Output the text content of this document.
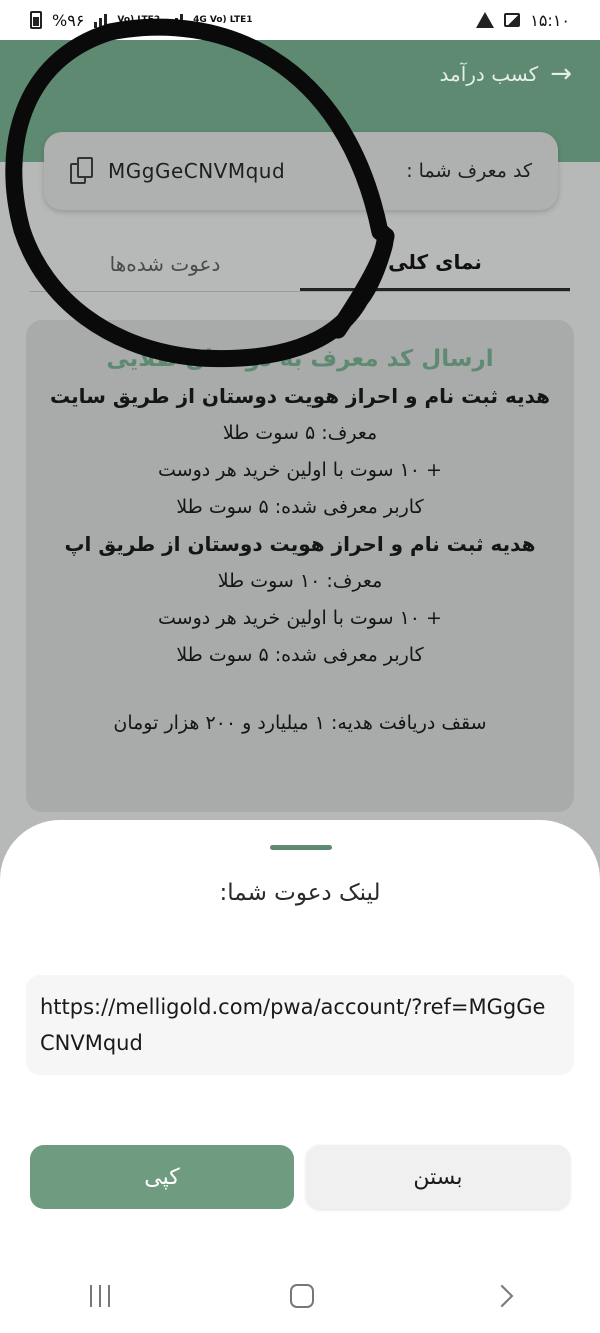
%۹۶	Vo) LTE2	4G Vo) LTE1	۱۵:۱۰
کسب درآمد →
MGgGeCNVMqud	کد معرف شما :
نمای کلی
دعوت شده‌ها
ارسال کد معرف به دوستان طلایی
هدیه ثبت نام و احراز هویت دوستان از طریق سایت
معرف: ۵ سوت طلا
+ ۱۰ سوت با اولین خرید هر دوست
کاربر معرفی شده: ۵ سوت طلا
هدیه ثبت نام و احراز هویت دوستان از طریق اپ
معرف: ۱۰ سوت طلا
+ ۱۰ سوت با اولین خرید هر دوست
کاربر معرفی شده: ۵ سوت طلا
سقف دریافت هدیه: ۱ میلیارد و ۲۰۰ هزار تومان
لینک دعوت شما:
https://melligold.com/pwa/account/?ref=MGgGeCNVMqud
کپی	بستن
